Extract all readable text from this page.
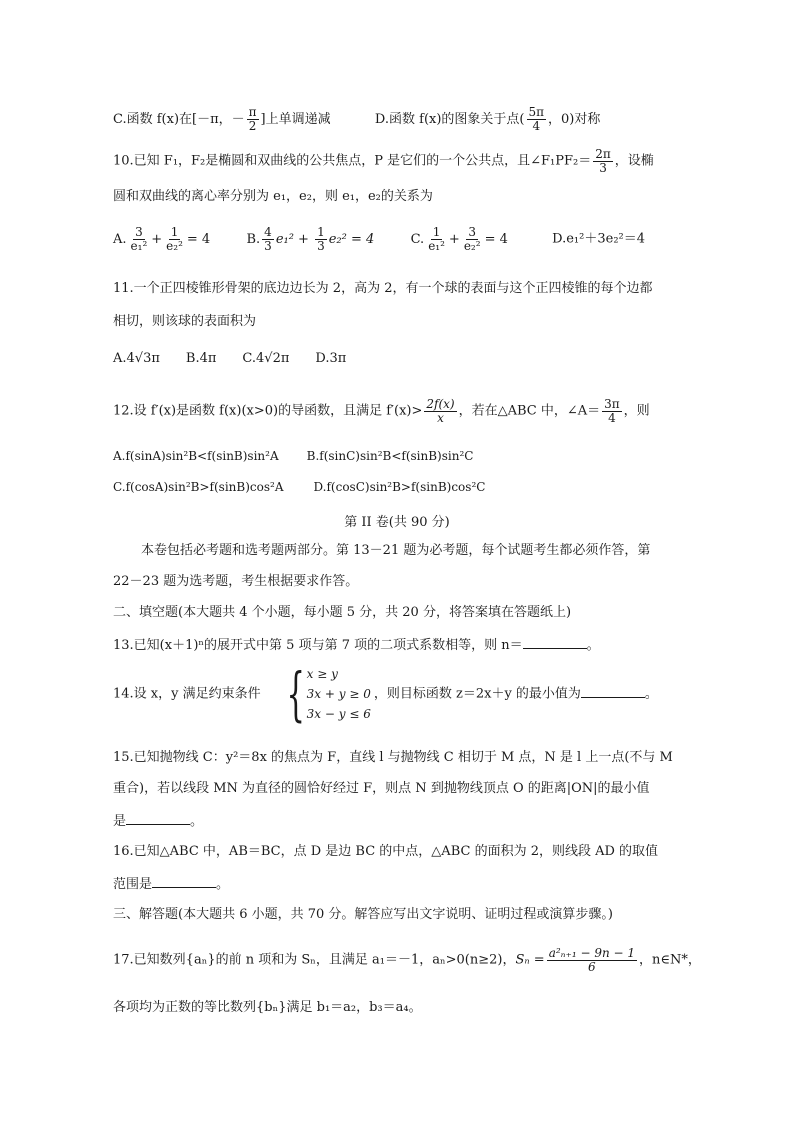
C.函数 f(x)在[－π，－ $\frac{\pi}{2}$ ]上单调递减	D.函数 f(x)的图象关于点( $\frac{5\pi}{4}$ ，0)对称
10.已知 F₁，F₂是椭圆和双曲线的公共焦点，P 是它们的一个公共点，且∠F₁PF₂＝ $\frac{2\pi}{3}$ ，设椭
圆和双曲线的离心率分别为 e₁，e₂，则 e₁，e₂的关系为
A. $\frac{3}{\text{e₁²}} + \frac{1}{\text{e₂²}} = 4$	B. $\frac{4}{3} e_1^2 + \frac{1}{3} e_2^2 = 4$	C. $\frac{1}{\text{e₁²}} + \frac{3}{\text{e₂²}} = 4$	D.e₁²＋3e₂²＝4
11.一个正四棱锥形骨架的底边边长为 2，高为 2，有一个球的表面与这个正四棱锥的每个边都
相切，则该球的表面积为
A.4√3π B.4π C.4√2π D.3π
12.设 f′(x)是函数 f(x)(x>0)的导函数，且满足 $f'(x)> \frac{2f(x)}{x}$ ，若在△ABC 中，∠A＝ $\frac{3\pi}{4}$ ，则
A.f(sinA)sin²B<f(sinB)sin²A B.f(sinC)sin²B<f(sinB)sin²C
C.f(cosA)sin²B>f(sinB)cos²A	D.f(cosC)sin²B>f(sinB)cos²C
第 II 卷(共 90 分)
本卷包括必考题和选考题两部分。第 13－21 题为必考题，每个试题考生都必须作答，第
22－23 题为选考题，考生根据要求作答。
二、填空题(本大题共 4 个小题，每小题 5 分，共 20 分，将答案填在答题纸上)
13.已知(x＋1)ⁿ的展开式中第 5 项与第 7 项的二项式系数相等，则 n＝	。
14.设 x，y 满足约束条件 { x ≥ y
3x + y ≥ 0
3x − y ≤ 6
，则目标函数 z＝2x＋y 的最小值为	。
15.已知抛物线 C：y²＝8x 的焦点为 F，直线 l 与抛物线 C 相切于 M 点，N 是 l 上一点(不与 M
重合)，若以线段 MN 为直径的圆恰好经过 F，则点 N 到抛物线顶点 O 的距离|ON|的最小值
是	。
16.已知△ABC 中，AB＝BC，点 D 是边 BC 的中点，△ABC 的面积为 2，则线段 AD 的取值
范围是	。
三、解答题(本大题共 6 小题，共 70 分。解答应写出文字说明、证明过程或演算步骤。)
17.已知数列{aₙ}的前 n 项和为 Sₙ，且满足 a₁＝－1，aₙ>0(n≥2)，$S_n = \frac{\text{a²ₙ₊₁ − 9n − 1}}{6}$ ，n∈N*，
各项均为正数的等比数列{bₙ}满足 b₁＝a₂，b₃＝a₄。
